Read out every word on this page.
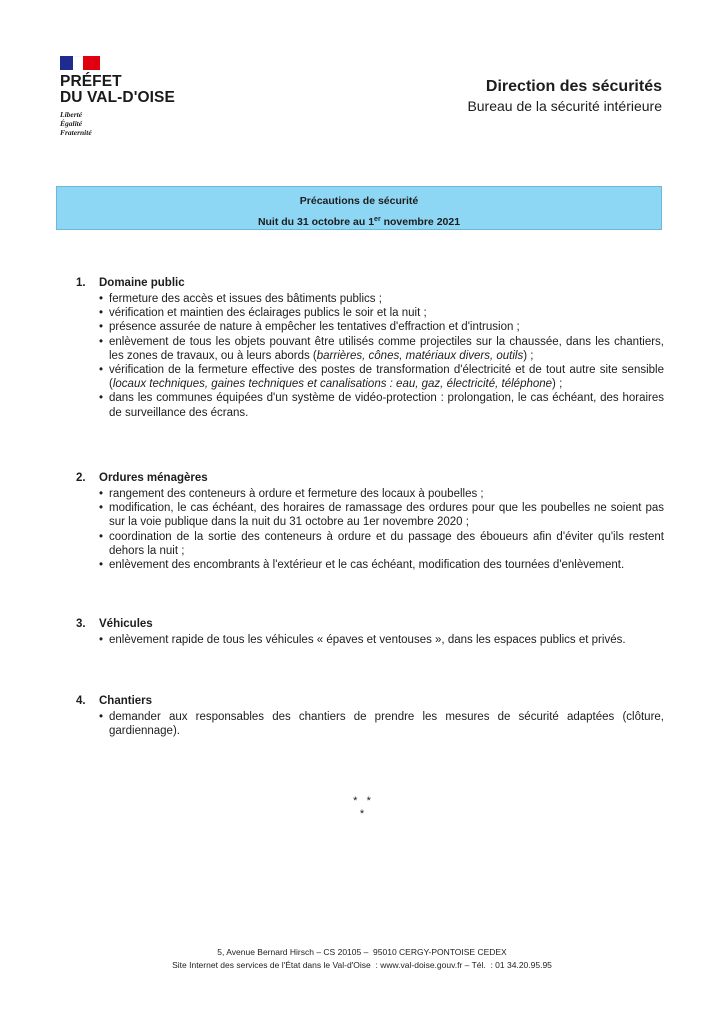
PRÉFET
DU VAL-D'OISE
Liberté
Égalité
Fraternité
Direction des sécurités
Bureau de la sécurité intérieure
Précautions de sécurité
Nuit du 31 octobre au 1er novembre 2021
1.	Domaine public
• fermeture des accès et issues des bâtiments publics ;
• vérification et maintien des éclairages publics le soir et la nuit ;
• présence assurée de nature à empêcher les tentatives d'effraction et d'intrusion ;
• enlèvement de tous les objets pouvant être utilisés comme projectiles sur la chaussée, dans les chantiers, les zones de travaux, ou à leurs abords (barrières, cônes, matériaux divers, outils) ;
• vérification de la fermeture effective des postes de transformation d'électricité et de tout autre site sensible (locaux techniques, gaines techniques et canalisations : eau, gaz, électricité, téléphone) ;
• dans les communes équipées d'un système de vidéo-protection : prolongation, le cas échéant, des horaires de surveillance des écrans.
2.	Ordures ménagères
• rangement des conteneurs à ordure et fermeture des locaux à poubelles ;
• modification, le cas échéant, des horaires de ramassage des ordures pour que les poubelles ne soient pas sur la voie publique dans la nuit du 31 octobre au 1er novembre 2020 ;
• coordination de la sortie des conteneurs à ordure et du passage des éboueurs afin d'éviter qu'ils restent dehors la nuit ;
• enlèvement des encombrants à l'extérieur et le cas échéant, modification des tournées d'enlèvement.
3.	Véhicules
• enlèvement rapide de tous les véhicules « épaves et ventouses », dans les espaces publics et privés.
4.	Chantiers
• demander aux responsables des chantiers de prendre les mesures de sécurité adaptées (clôture, gardiennage).
*   *
*
5, Avenue Bernard Hirsch – CS 20105 –  95010 CERGY-PONTOISE CEDEX
Site Internet des services de l'État dans le Val-d'Oise  : www.val-doise.gouv.fr – Tél.  : 01 34.20.95.95
